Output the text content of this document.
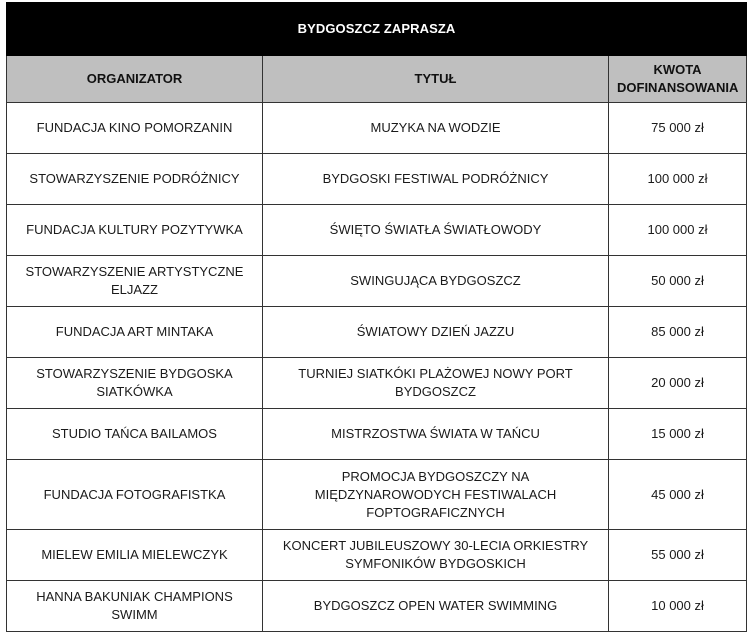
BYDGOSZCZ ZAPRASZA		
ORGANIZATOR	TYTUŁ	KWOTA
DOFINANSOWANIA
FUNDACJA KINO POMORZANIN	MUZYKA NA WODZIE	75 000 zł
STOWARZYSZENIE PODRÓŻNICY	BYDGOSKI FESTIWAL PODRÓŻNICY	100 000 zł
FUNDACJA KULTURY POZYTYWKA	ŚWIĘTO ŚWIATŁA ŚWIATŁOWODY	100 000 zł
STOWARZYSZENIE ARTYSTYCZNE ELJAZZ	SWINGUJĄCA BYDGOSZCZ	50 000 zł
FUNDACJA ART MINTAKA	ŚWIATOWY DZIEŃ JAZZU	85 000 zł
STOWARZYSZENIE BYDGOSKA SIATKÓWKA	TURNIEJ SIATKÓKI PLAŻOWEJ NOWY PORT BYDGOSZCZ	20 000 zł
STUDIO TAŃCA BAILAMOS	MISTRZOSTWA ŚWIATA W TAŃCU	15 000 zł
FUNDACJA FOTOGRAFISTKA	PROMOCJA BYDGOSZCZY NA MIĘDZYNAROWODYCH FESTIWALACH FOPTOGRAFICZNYCH	45 000 zł
MIELEW EMILIA MIELEWCZYK	KONCERT JUBILEUSZOWY 30-LECIA ORKIESTRY SYMFONIKÓW BYDGOSKICH	55 000 zł
HANNA BAKUNIAK CHAMPIONS SWIMM	BYDGOSZCZ OPEN WATER SWIMMING	10 000 zł
